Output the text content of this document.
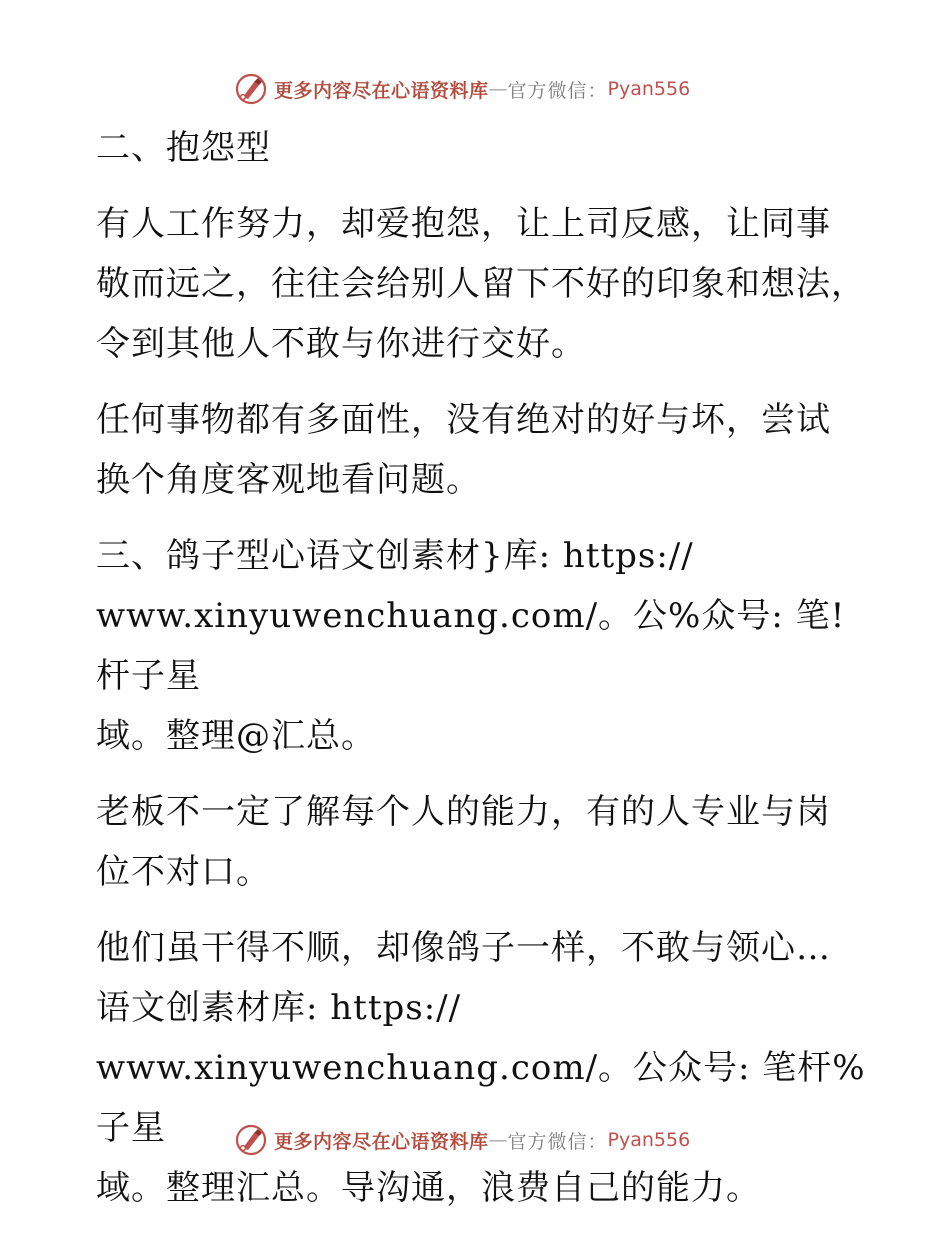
更多内容尽在心语资料库 — 官方微信： Pyan556

二、抱怨型

有人工作努力，却爱抱怨，让上司反感，让同事
敬而远之，往往会给别人留下不好的印象和想法，
令到其他人不敢与你进行交好。

任何事物都有多面性，没有绝对的好与坏，尝试
换个角度客观地看问题。

三、鸽子型心语文创素材}库: https://
www.xinyuwenchuang.com/。公%众号: 笔! 杆子星
域。整理@汇总。

老板不一定了解每个人的能力，有的人专业与岗
位不对口。

他们虽干得不顺，却像鸽子一样，不敢与领心…
语文创素材库: https://
www.xinyuwenchuang.com/。公众号: 笔杆%子星
域。整理汇总。导沟通，浪费自己的能力。

更多内容尽在心语资料库 — 官方微信： Pyan556
